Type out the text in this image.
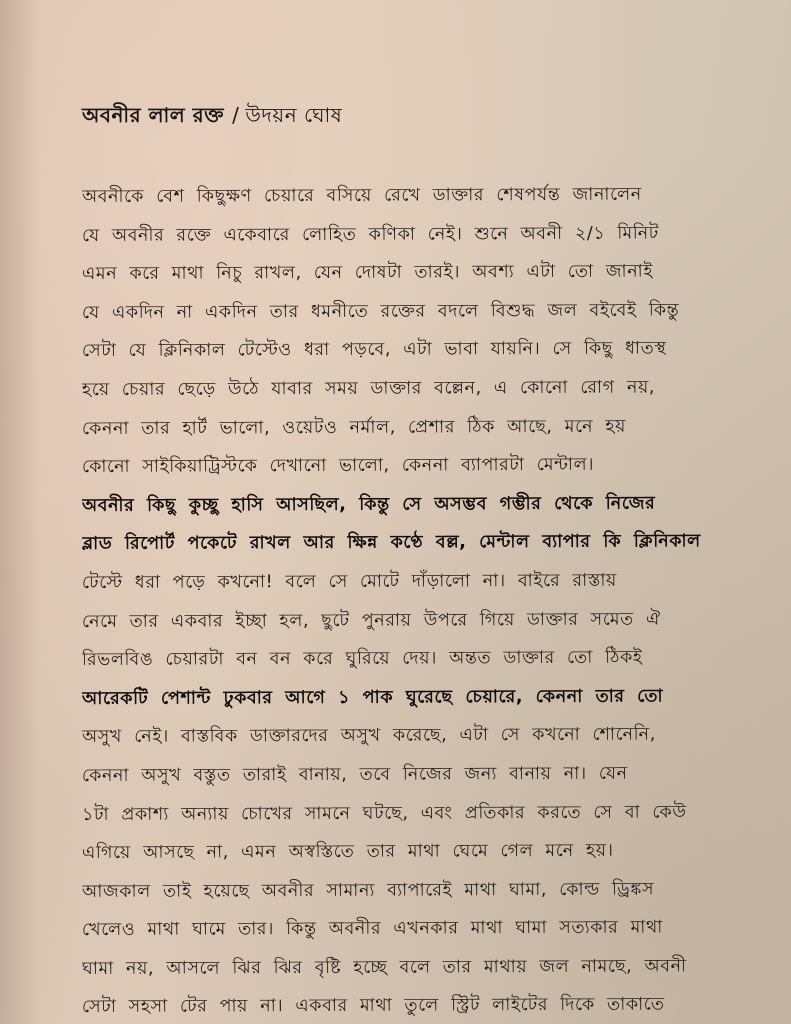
অবনীর লাল রক্ত / উদয়ন ঘোষ
অবনীকে বেশ কিছুক্ষণ চেয়ারে বসিয়ে রেখে ডাক্তার শেষপর্যন্ত জানালেন
যে অবনীর রক্তে একেবারে লোহিত কণিকা নেই। শুনে অবনী ২/১ মিনিট
এমন করে মাথা নিচু রাখল, যেন দোষটা তারই। অবশ্য এটা তো জানাই
যে একদিন না একদিন তার ধমনীতে রক্তের বদলে বিশুদ্ধ জল বইবেই কিন্তু
সেটা যে ক্লিনিকাল টেস্টেও ধরা পড়বে, এটা ভাবা যায়নি। সে কিছু ধাতস্থ
হয়ে চেয়ার ছেড়ে উঠে যাবার সময় ডাক্তার বল্লেন, এ কোনো রোগ নয়,
কেননা তার হার্ট ভালো, ওয়েটও নর্মাল, প্রেশার ঠিক আছে, মনে হয়
কোনো সাইকিয়াট্রিস্টকে দেখানো ভালো, কেননা ব্যাপারটা মেন্টাল।
অবনীর কিছু কুচ্ছু হাসি আসছিল, কিন্তু সে অসম্ভব গম্ভীর থেকে নিজের
ব্লাড রিপোর্ট পকেটে রাখল আর ক্ষিন্ন কণ্ঠে বল্ল, মেন্টাল ব্যাপার কি ক্লিনিকাল
টেস্টে ধরা পড়ে কখনো! বলে সে মোটে দাঁড়ালো না। বাইরে রাস্তায়
নেমে তার একবার ইচ্ছা হল, ছুটে পুনরায় উপরে গিয়ে ডাক্তার সমেত ঐ
রিভলবিঙ চেয়ারটা বন বন করে ঘুরিয়ে দেয়। অন্তত ডাক্তার তো ঠিকই
আরেকটি পেশান্ট ঢুকবার আগে ১ পাক ঘুরেছে চেয়ারে, কেননা তার তো
অসুখ নেই। বাস্তবিক ডাক্তারদের অসুখ করেছে, এটা সে কখনো শোনেনি,
কেননা অসুখ বস্তুত তারাই বানায়, তবে নিজের জন্য বানায় না। যেন
১টা প্রকাশ্য অন্যায় চোখের সামনে ঘটছে, এবং প্রতিকার করতে সে বা কেউ
এগিয়ে আসছে না, এমন অস্বস্তিতে তার মাথা ঘেমে গেল মনে হয়।
আজকাল তাই হয়েছে অবনীর সামান্য ব্যাপারেই মাথা ঘামা, কোল্ড ড্রিঙ্কস
খেলেও মাথা ঘামে তার। কিন্তু অবনীর এখনকার মাথা ঘামা সত্যকার মাথা
ঘামা নয়, আসলে ঝির ঝির বৃষ্টি হচ্ছে বলে তার মাথায় জল নামছে, অবনী
সেটা সহসা টের পায় না। একবার মাথা তুলে স্ট্রিট লাইটের দিকে তাকাতে
